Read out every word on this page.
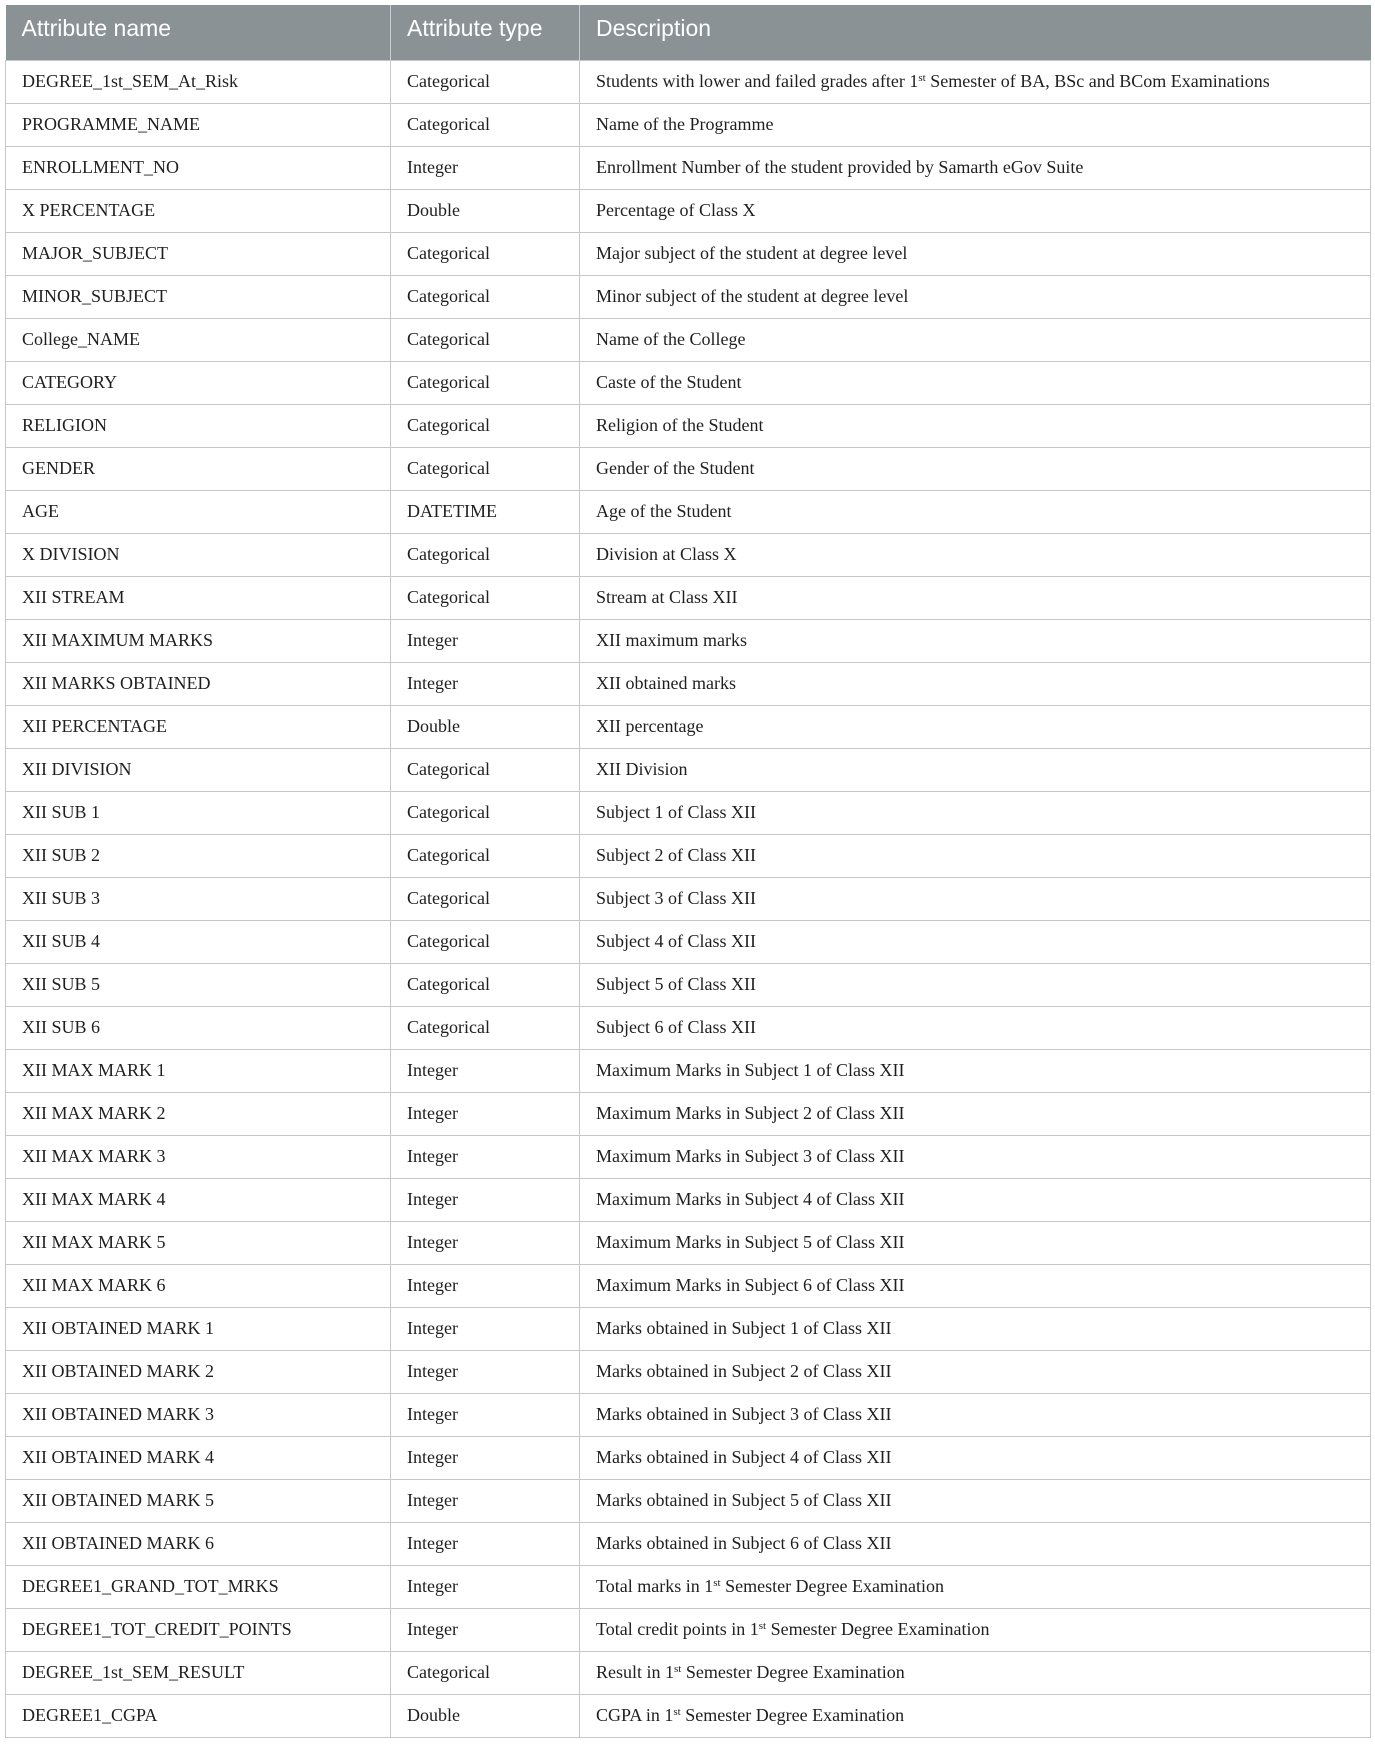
Attribute name	Attribute type	Description
DEGREE_1st_SEM_At_Risk	Categorical	Students with lower and failed grades after 1st Semester of BA, BSc and BCom Examinations
PROGRAMME_NAME	Categorical	Name of the Programme
ENROLLMENT_NO	Integer	Enrollment Number of the student provided by Samarth eGov Suite
X PERCENTAGE	Double	Percentage of Class X
MAJOR_SUBJECT	Categorical	Major subject of the student at degree level
MINOR_SUBJECT	Categorical	Minor subject of the student at degree level
College_NAME	Categorical	Name of the College
CATEGORY	Categorical	Caste of the Student
RELIGION	Categorical	Religion of the Student
GENDER	Categorical	Gender of the Student
AGE	DATETIME	Age of the Student
X DIVISION	Categorical	Division at Class X
XII STREAM	Categorical	Stream at Class XII
XII MAXIMUM MARKS	Integer	XII maximum marks
XII MARKS OBTAINED	Integer	XII obtained marks
XII PERCENTAGE	Double	XII percentage
XII DIVISION	Categorical	XII Division
XII SUB 1	Categorical	Subject 1 of Class XII
XII SUB 2	Categorical	Subject 2 of Class XII
XII SUB 3	Categorical	Subject 3 of Class XII
XII SUB 4	Categorical	Subject 4 of Class XII
XII SUB 5	Categorical	Subject 5 of Class XII
XII SUB 6	Categorical	Subject 6 of Class XII
XII MAX MARK 1	Integer	Maximum Marks in Subject 1 of Class XII
XII MAX MARK 2	Integer	Maximum Marks in Subject 2 of Class XII
XII MAX MARK 3	Integer	Maximum Marks in Subject 3 of Class XII
XII MAX MARK 4	Integer	Maximum Marks in Subject 4 of Class XII
XII MAX MARK 5	Integer	Maximum Marks in Subject 5 of Class XII
XII MAX MARK 6	Integer	Maximum Marks in Subject 6 of Class XII
XII OBTAINED MARK 1	Integer	Marks obtained in Subject 1 of Class XII
XII OBTAINED MARK 2	Integer	Marks obtained in Subject 2 of Class XII
XII OBTAINED MARK 3	Integer	Marks obtained in Subject 3 of Class XII
XII OBTAINED MARK 4	Integer	Marks obtained in Subject 4 of Class XII
XII OBTAINED MARK 5	Integer	Marks obtained in Subject 5 of Class XII
XII OBTAINED MARK 6	Integer	Marks obtained in Subject 6 of Class XII
DEGREE1_GRAND_TOT_MRKS	Integer	Total marks in 1st Semester Degree Examination
DEGREE1_TOT_CREDIT_POINTS	Integer	Total credit points in 1st Semester Degree Examination
DEGREE_1st_SEM_RESULT	Categorical	Result in 1st Semester Degree Examination
DEGREE1_CGPA	Double	CGPA in 1st Semester Degree Examination
